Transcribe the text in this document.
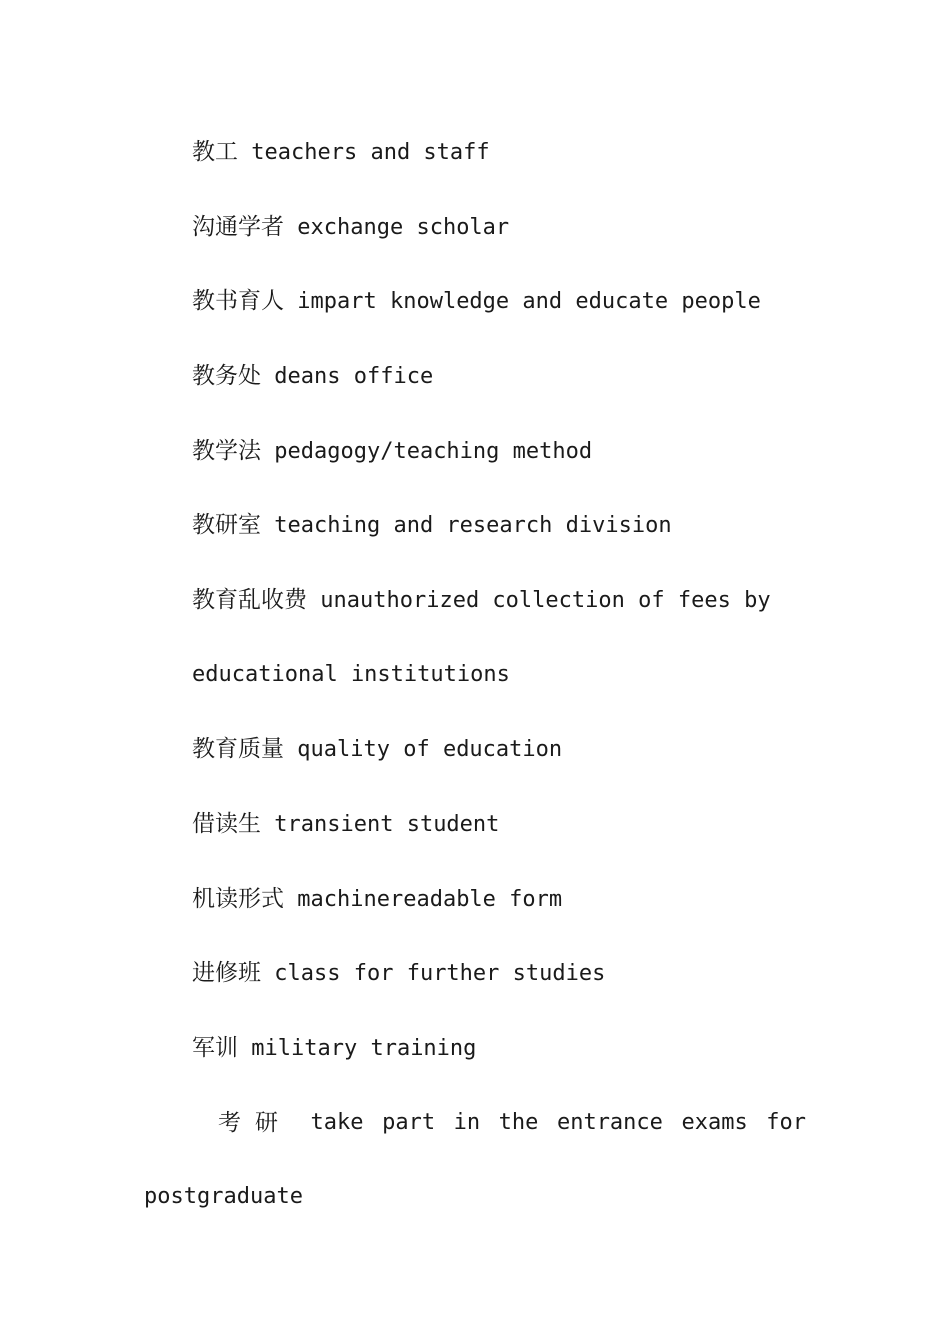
教工 teachers and staff
沟通学者 exchange scholar
教书育人 impart knowledge and educate people
教务处 deans office
教学法 pedagogy/teaching method
教研室 teaching and research division
教育乱收费 unauthorized collection of fees by
educational institutions
教育质量 quality of education
借读生 transient student
机读形式 machinereadable form
进修班 class for further studies
军训 military training
考研 take part in the entrance exams for
postgraduate
